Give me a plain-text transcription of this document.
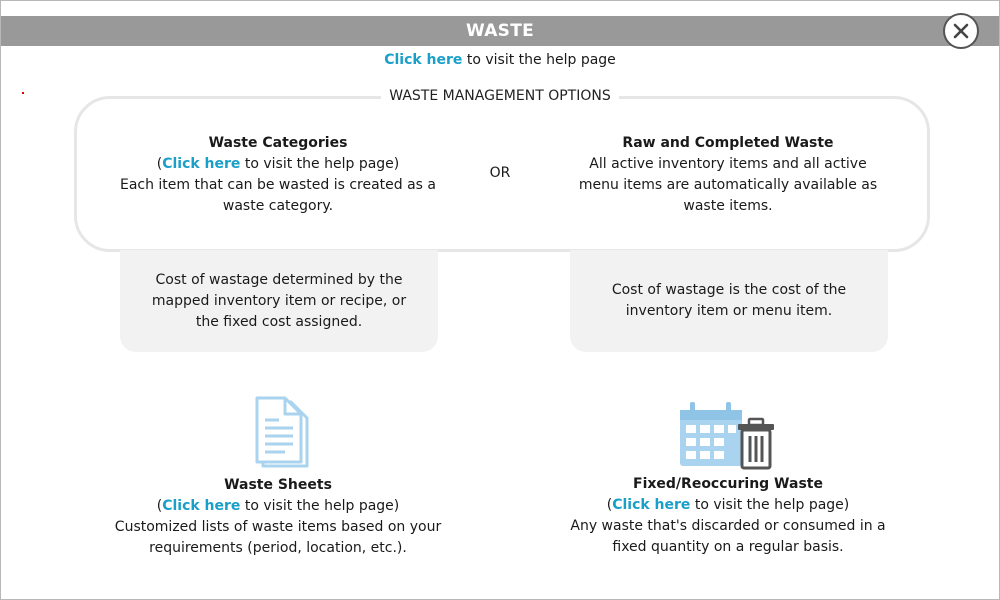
WASTE
Click here to visit the help page
WASTE MANAGEMENT OPTIONS
Waste Categories
(Click here to visit the help page)
Each item that can be wasted is created as a waste category.
OR
Raw and Completed Waste
All active inventory items and all active menu items are automatically available as waste items.
Cost of wastage determined by the mapped inventory item or recipe, or the fixed cost assigned.
Cost of wastage is the cost of the inventory item or menu item.
Waste Sheets
(Click here to visit the help page)
Customized lists of waste items based on your requirements (period, location, etc.).
Fixed/Reoccuring Waste
(Click here to visit the help page)
Any waste that's discarded or consumed in a fixed quantity on a regular basis.
